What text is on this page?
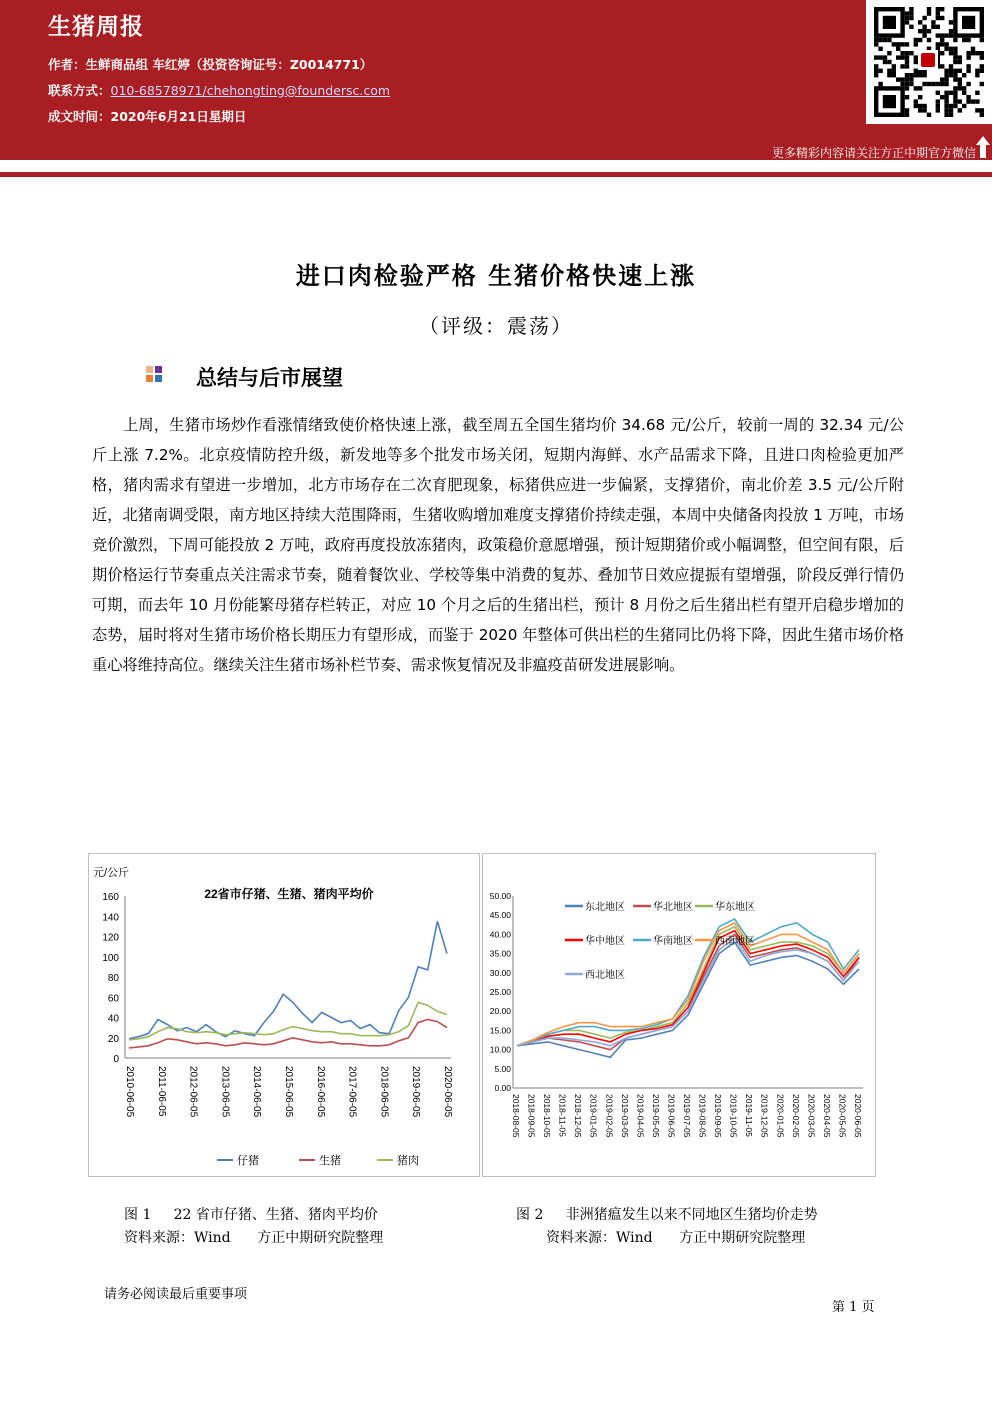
生猪周报
作者：生鲜商品组 车红婷（投资咨询证号：Z0014771）
联系方式：010-68578971/chehongting@foundersc.com
成文时间：2020年6月21日星期日
更多精彩内容请关注方正中期官方微信
进口肉检验严格 生猪价格快速上涨
（评级：震荡）
总结与后市展望
上周，生猪市场炒作看涨情绪致使价格快速上涨，截至周五全国生猪均价 34.68 元/公斤，较前一周的 32.34 元/公斤上涨 7.2%。北京疫情防控升级，新发地等多个批发市场关闭，短期内海鲜、水产品需求下降，且进口肉检验更加严格，猪肉需求有望进一步增加，北方市场存在二次育肥现象，标猪供应进一步偏紧，支撑猪价，南北价差 3.5 元/公斤附近，北猪南调受限，南方地区持续大范围降雨，生猪收购增加难度支撑猪价持续走强，本周中央储备肉投放 1 万吨，市场竞价激烈，下周可能投放 2 万吨，政府再度投放冻猪肉，政策稳价意愿增强，预计短期猪价或小幅调整，但空间有限，后期价格运行节奏重点关注需求节奏，随着餐饮业、学校等集中消费的复苏、叠加节日效应提振有望增强，阶段反弹行情仍可期，而去年 10 月份能繁母猪存栏转正，对应 10 个月之后的生猪出栏，预计 8 月份之后生猪出栏有望开启稳步增加的态势，届时将对生猪市场价格长期压力有望形成，而鉴于 2020 年整体可供出栏的生猪同比仍将下降，因此生猪市场价格重心将维持高位。继续关注生猪市场补栏节奏、需求恢复情况及非瘟疫苗研发进展影响。
元/公斤
22省市仔猪、生猪、猪肉平均价
0
20
40
60
80
100
120
140
160
2010-06-05 2011-06-05 2012-06-05 2013-06-05 2014-06-05 2015-06-05 2016-06-05 2017-06-05 2018-06-05 2019-06-05 2020-06-05
仔猪	生猪	猪肉
0.00
5.00
10.00
15.00
20.00
25.00
30.00
35.00
40.00
45.00
50.00
2018-08-05 2018-09-05 2018-10-05 2018-11-05 2018-12-05 2019-01-05 2019-02-05 2019-03-05 2019-04-05 2019-05-05 2019-06-05 2019-07-05 2019-08-05 2019-09-05 2019-10-05 2019-11-05 2019-12-05 2020-01-05 2020-02-05 2020-03-05 2020-04-05 2020-05-05 2020-06-05
东北地区	华北地区 华东地区
华中地区	华南地区 西南地区
西北地区
图 1     22 省市仔猪、生猪、猪肉平均价
资料来源：Wind      方正中期研究院整理
图 2     非洲猪瘟发生以来不同地区生猪均价走势
资料来源：Wind      方正中期研究院整理
请务必阅读最后重要事项
第 1 页
